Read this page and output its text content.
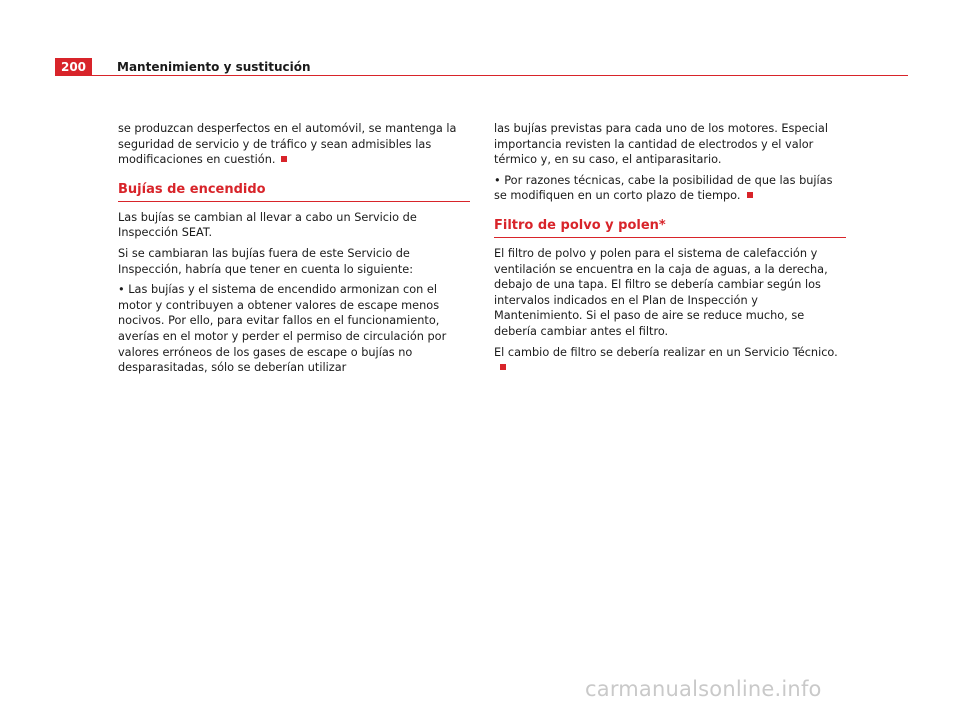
200	Mantenimiento y sustitución

se produzcan desperfectos en el automóvil, se mantenga la seguridad de servicio y de tráfico y sean admisibles las modificaciones en cuestión.

Bujías de encendido

Las bujías se cambian al llevar a cabo un Servicio de Inspección SEAT.

Si se cambiaran las bujías fuera de este Servicio de Inspección, habría que tener en cuenta lo siguiente:

• Las bujías y el sistema de encendido armonizan con el motor y contribuyen a obtener valores de escape menos nocivos. Por ello, para evitar fallos en el funcionamiento, averías en el motor y perder el permiso de circulación por valores erróneos de los gases de escape o bujías no desparasitadas, sólo se deberían utilizar

las bujías previstas para cada uno de los motores. Especial importancia revisten la cantidad de electrodos y el valor térmico y, en su caso, el antiparasitario.

• Por razones técnicas, cabe la posibilidad de que las bujías se modifiquen en un corto plazo de tiempo.

Filtro de polvo y polen*

El filtro de polvo y polen para el sistema de calefacción y ventilación se encuentra en la caja de aguas, a la derecha, debajo de una tapa. El filtro se debería cambiar según los intervalos indicados en el Plan de Inspección y Mantenimiento. Si el paso de aire se reduce mucho, se debería cambiar antes el filtro.

El cambio de filtro se debería realizar en un Servicio Técnico.

carmanualsonline.info
